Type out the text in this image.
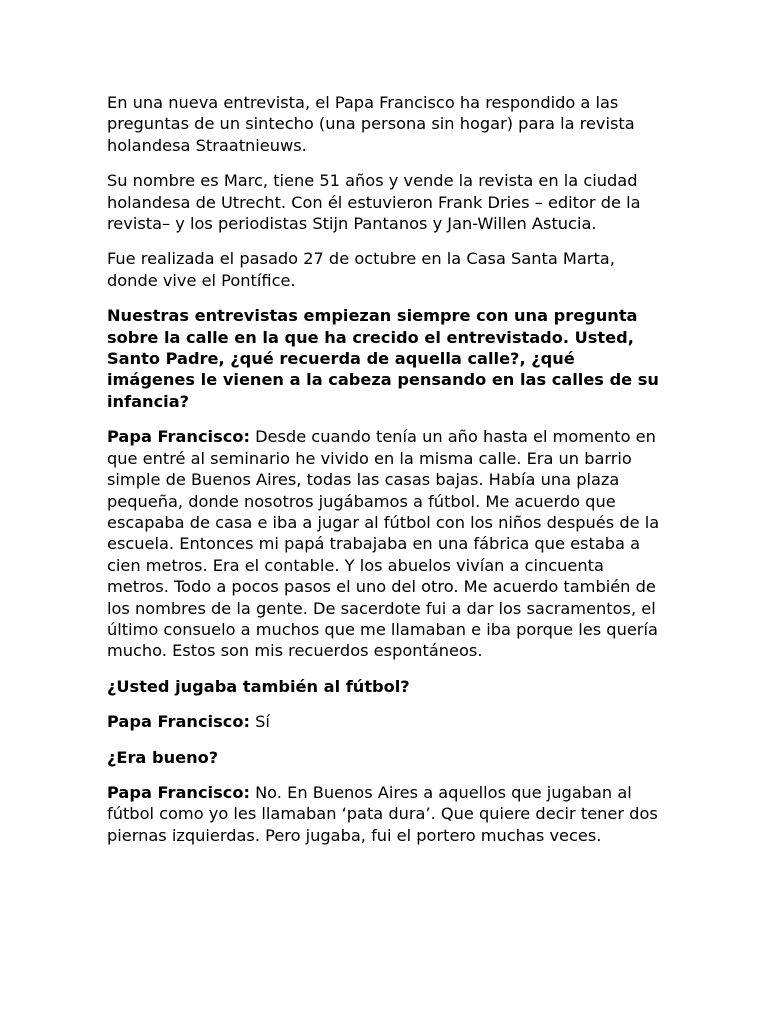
En una nueva entrevista, el Papa Francisco ha respondido a las preguntas de un sintecho (una persona sin hogar) para la revista holandesa Straatnieuws.

Su nombre es Marc, tiene 51 años y vende la revista en la ciudad holandesa de Utrecht. Con él estuvieron Frank Dries – editor de la revista– y los periodistas Stijn Pantanos y Jan-Willen Astucia.

Fue realizada el pasado 27 de octubre en la Casa Santa Marta, donde vive el Pontífice.

Nuestras entrevistas empiezan siempre con una pregunta sobre la calle en la que ha crecido el entrevistado. Usted, Santo Padre, ¿qué recuerda de aquella calle?, ¿qué imágenes le vienen a la cabeza pensando en las calles de su infancia?

Papa Francisco: Desde cuando tenía un año hasta el momento en que entré al seminario he vivido en la misma calle. Era un barrio simple de Buenos Aires, todas las casas bajas. Había una plaza pequeña, donde nosotros jugábamos a fútbol. Me acuerdo que escapaba de casa e iba a jugar al fútbol con los niños después de la escuela. Entonces mi papá trabajaba en una fábrica que estaba a cien metros. Era el contable. Y los abuelos vivían a cincuenta metros. Todo a pocos pasos el uno del otro. Me acuerdo también de los nombres de la gente. De sacerdote fui a dar los sacramentos, el último consuelo a muchos que me llamaban e iba porque les quería mucho. Estos son mis recuerdos espontáneos.

¿Usted jugaba también al fútbol?

Papa Francisco: Sí

¿Era bueno?

Papa Francisco: No. En Buenos Aires a aquellos que jugaban al fútbol como yo les llamaban ‘pata dura’. Que quiere decir tener dos piernas izquierdas. Pero jugaba, fui el portero muchas veces.
